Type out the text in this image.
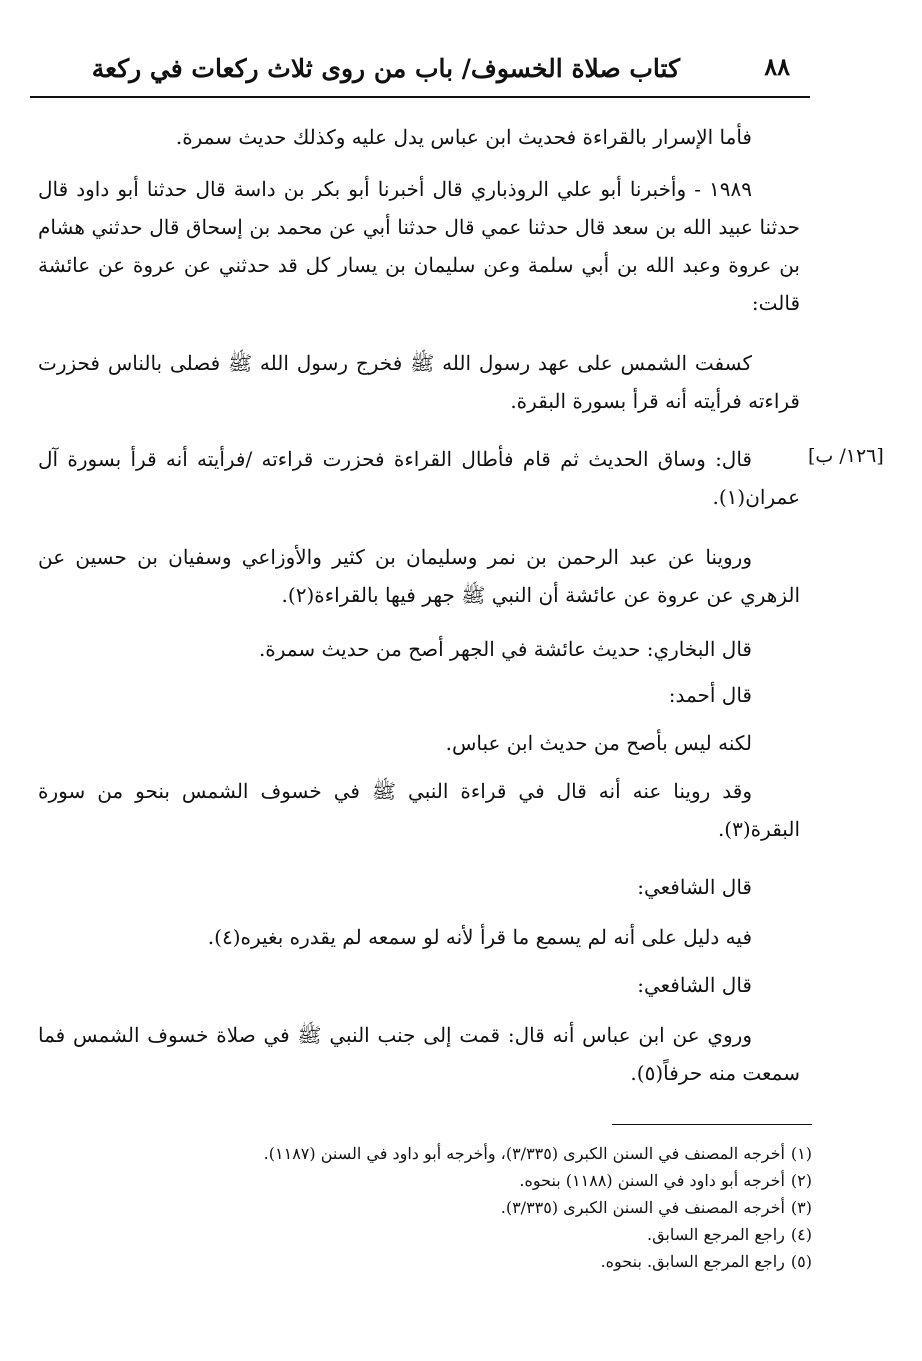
كتاب صلاة الخسوف/ باب من روى ثلاث ركعات في ركعة	٨٨

فأما الإسرار بالقراءة فحديث ابن عباس يدل عليه وكذلك حديث سمرة.

١٩٨٩ - وأخبرنا أبو علي الروذباري قال أخبرنا أبو بكر بن داسة قال حدثنا أبو داود قال حدثنا عبيد الله بن سعد قال حدثنا عمي قال حدثنا أبي عن محمد بن إسحاق قال حدثني هشام بن عروة وعبد الله بن أبي سلمة وعن سليمان بن يسار كل قد حدثني عن عروة عن عائشة قالت:

كسفت الشمس على عهد رسول الله ﷺ فخرج رسول الله ﷺ فصلى بالناس فحزرت قراءته فرأيته أنه قرأ بسورة البقرة.

قال: وساق الحديث ثم قام فأطال القراءة فحزرت قراءته /فرأيته أنه قرأ بسورة آل عمران(١).

وروينا عن عبد الرحمن بن نمر وسليمان بن كثير والأوزاعي وسفيان بن حسين عن الزهري عن عروة عن عائشة أن النبي ﷺ جهر فيها بالقراءة(٢).

قال البخاري: حديث عائشة في الجهر أصح من حديث سمرة.

قال أحمد:

لكنه ليس بأصح من حديث ابن عباس.

وقد روينا عنه أنه قال في قراءة النبي ﷺ في خسوف الشمس بنحو من سورة البقرة(٣).

قال الشافعي:

فيه دليل على أنه لم يسمع ما قرأ لأنه لو سمعه لم يقدره بغيره(٤).

قال الشافعي:

وروي عن ابن عباس أنه قال: قمت إلى جنب النبي ﷺ في صلاة خسوف الشمس فما سمعت منه حرفاً(٥).

[١٢٦/ ب]

(١)أخرجه المصنف في السنن الكبرى (٣/٣٣٥)، وأخرجه أبو داود في السنن (١١٨٧).

(٢)أخرجه أبو داود في السنن (١١٨٨) بنحوه.

(٣)أخرجه المصنف في السنن الكبرى (٣/٣٣٥).

(٤)راجع المرجع السابق.

(٥)راجع المرجع السابق. بنحوه.
